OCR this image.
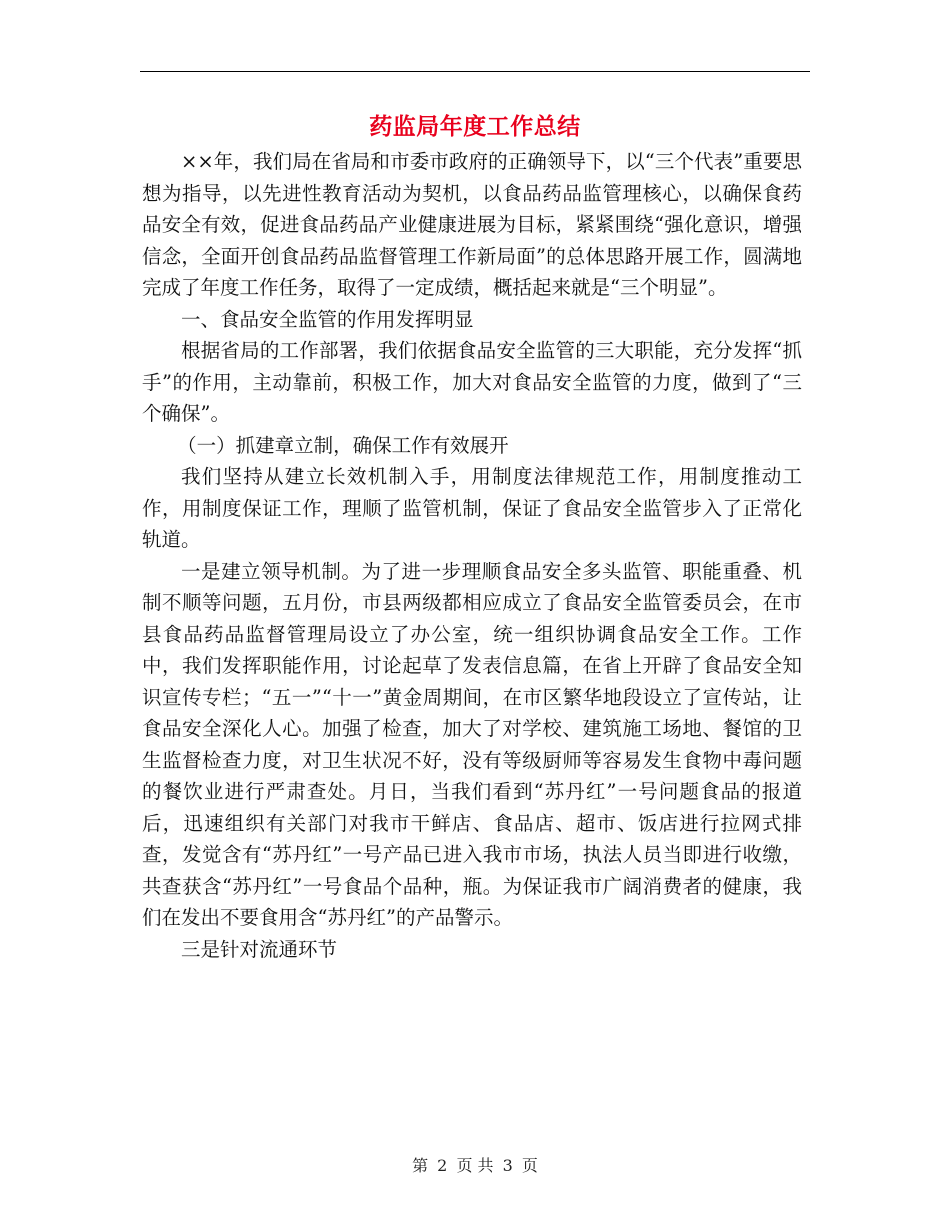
药监局年度工作总结

××年，我们局在省局和市委市政府的正确领导下，以“三个代表”重要思想为指导，以先进性教育活动为契机，以食品药品监管理核心，以确保食药品安全有效，促进食品药品产业健康进展为目标，紧紧围绕“强化意识，增强信念，全面开创食品药品监督管理工作新局面”的总体思路开展工作，圆满地完成了年度工作任务，取得了一定成绩，概括起来就是“三个明显”。

一、食品安全监管的作用发挥明显

根据省局的工作部署，我们依据食品安全监管的三大职能，充分发挥“抓手”的作用，主动靠前，积极工作，加大对食品安全监管的力度，做到了“三个确保”。

（一）抓建章立制，确保工作有效展开

我们坚持从建立长效机制入手，用制度法律规范工作，用制度推动工作，用制度保证工作，理顺了监管机制，保证了食品安全监管步入了正常化轨道。

一是建立领导机制。为了进一步理顺食品安全多头监管、职能重叠、机制不顺等问题，五月份，市县两级都相应成立了食品安全监管委员会，在市县食品药品监督管理局设立了办公室，统一组织协调食品安全工作。工作中，我们发挥职能作用，讨论起草了发表信息篇，在省上开辟了食品安全知识宣传专栏；“五一”“十一”黄金周期间，在市区繁华地段设立了宣传站，让食品安全深化人心。加强了检查，加大了对学校、建筑施工场地、餐馆的卫生监督检查力度，对卫生状况不好，没有等级厨师等容易发生食物中毒问题的餐饮业进行严肃查处。月日，当我们看到“苏丹红”一号问题食品的报道后，迅速组织有关部门对我市干鲜店、食品店、超市、饭店进行拉网式排查，发觉含有“苏丹红”一号产品已进入我市市场，执法人员当即进行收缴，共查获含“苏丹红”一号食品个品种，瓶。为保证我市广阔消费者的健康，我们在发出不要食用含“苏丹红”的产品警示。

三是针对流通环节

第 2 页 共 3 页
